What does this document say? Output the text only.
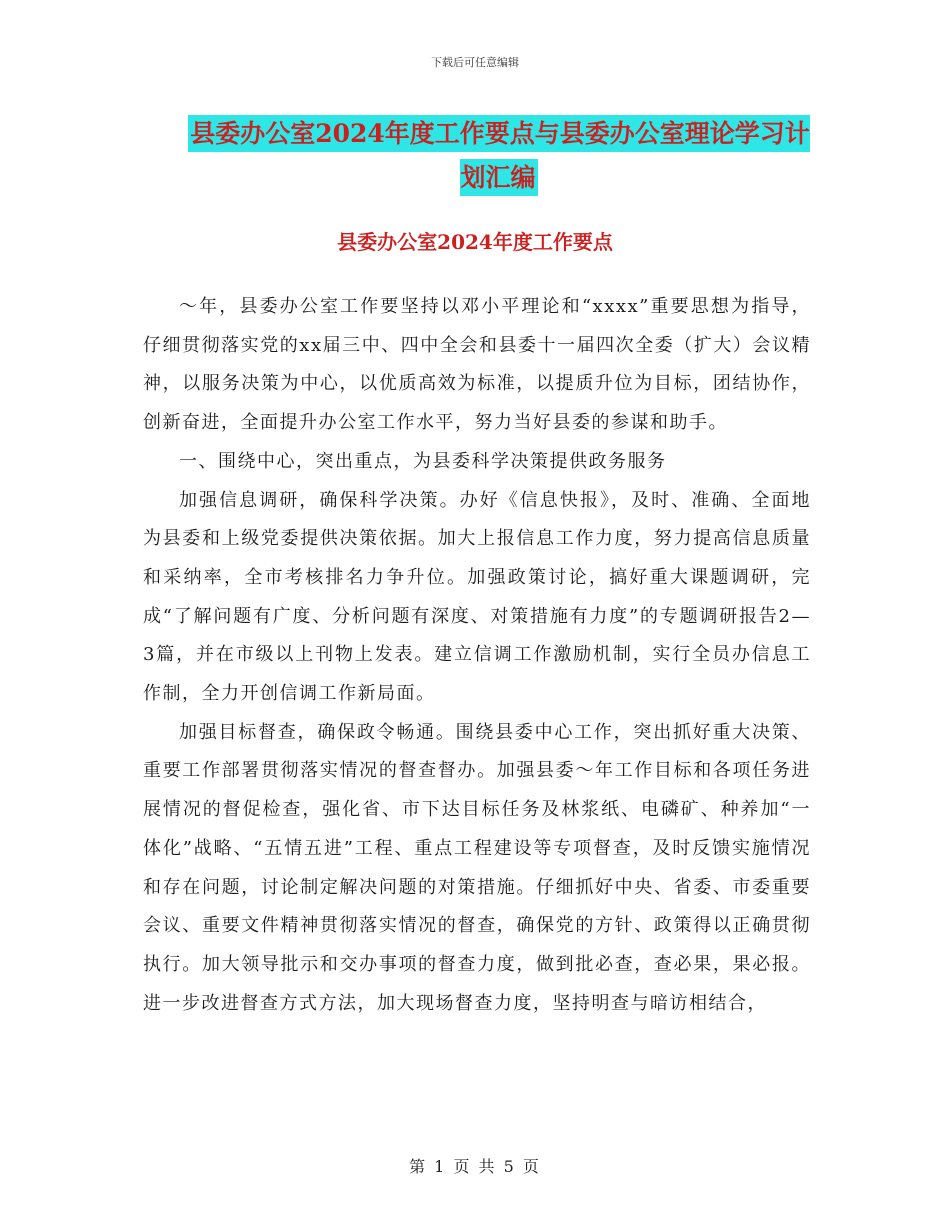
下载后可任意编辑
县委办公室2024年度工作要点与县委办公室理论学习计划汇编
县委办公室2024年度工作要点

～年，县委办公室工作要坚持以邓小平理论和“xxxx”重要思想为指导，仔细贯彻落实党的xx届三中、四中全会和县委十一届四次全委（扩大）会议精神，以服务决策为中心，以优质高效为标准，以提质升位为目标，团结协作，创新奋进，全面提升办公室工作水平，努力当好县委的参谋和助手。

一、围绕中心，突出重点，为县委科学决策提供政务服务

加强信息调研，确保科学决策。办好《信息快报》，及时、准确、全面地为县委和上级党委提供决策依据。加大上报信息工作力度，努力提高信息质量和采纳率，全市考核排名力争升位。加强政策讨论，搞好重大课题调研，完成“了解问题有广度、分析问题有深度、对策措施有力度”的专题调研报告2—3篇，并在市级以上刊物上发表。建立信调工作激励机制，实行全员办信息工作制，全力开创信调工作新局面。

加强目标督查，确保政令畅通。围绕县委中心工作，突出抓好重大决策、重要工作部署贯彻落实情况的督查督办。加强县委～年工作目标和各项任务进展情况的督促检查，强化省、市下达目标任务及林浆纸、电磷矿、种养加“一体化”战略、“五情五进”工程、重点工程建设等专项督查，及时反馈实施情况和存在问题，讨论制定解决问题的对策措施。仔细抓好中央、省委、市委重要会议、重要文件精神贯彻落实情况的督查，确保党的方针、政策得以正确贯彻执行。加大领导批示和交办事项的督查力度，做到批必查，查必果，果必报。进一步改进督查方式方法，加大现场督查力度，坚持明查与暗访相结合，

第 1 页 共 5 页
